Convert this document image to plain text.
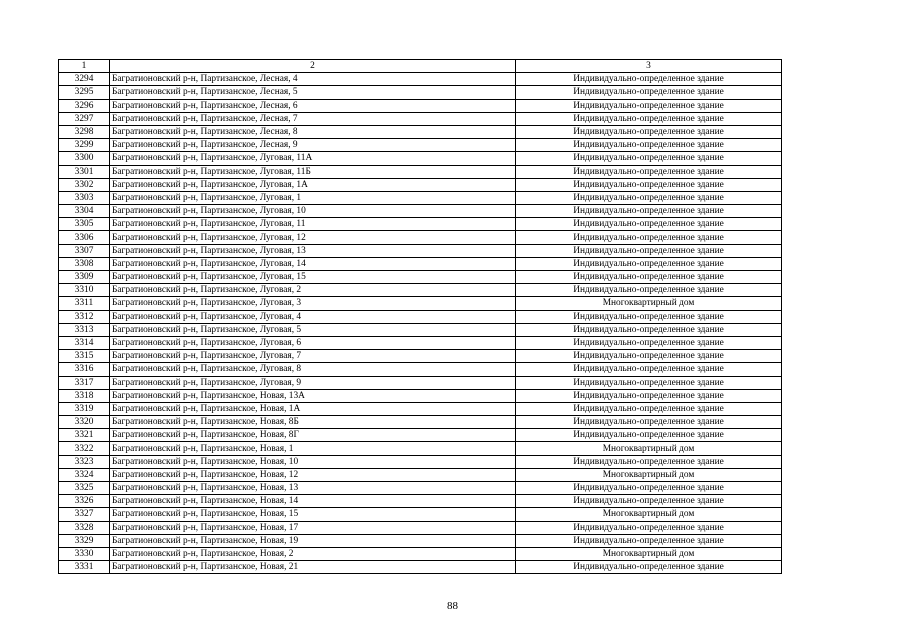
1	2	3
3294	Багратионовский р-н, Партизанское, Лесная, 4	Индивидуально-определенное здание
3295	Багратионовский р-н, Партизанское, Лесная, 5	Индивидуально-определенное здание
3296	Багратионовский р-н, Партизанское, Лесная, 6	Индивидуально-определенное здание
3297	Багратионовский р-н, Партизанское, Лесная, 7	Индивидуально-определенное здание
3298	Багратионовский р-н, Партизанское, Лесная, 8	Индивидуально-определенное здание
3299	Багратионовский р-н, Партизанское, Лесная, 9	Индивидуально-определенное здание
3300	Багратионовский р-н, Партизанское, Луговая, 11А	Индивидуально-определенное здание
3301	Багратионовский р-н, Партизанское, Луговая, 11Б	Индивидуально-определенное здание
3302	Багратионовский р-н, Партизанское, Луговая, 1А	Индивидуально-определенное здание
3303	Багратионовский р-н, Партизанское, Луговая, 1	Индивидуально-определенное здание
3304	Багратионовский р-н, Партизанское, Луговая, 10	Индивидуально-определенное здание
3305	Багратионовский р-н, Партизанское, Луговая, 11	Индивидуально-определенное здание
3306	Багратионовский р-н, Партизанское, Луговая, 12	Индивидуально-определенное здание
3307	Багратионовский р-н, Партизанское, Луговая, 13	Индивидуально-определенное здание
3308	Багратионовский р-н, Партизанское, Луговая, 14	Индивидуально-определенное здание
3309	Багратионовский р-н, Партизанское, Луговая, 15	Индивидуально-определенное здание
3310	Багратионовский р-н, Партизанское, Луговая, 2	Индивидуально-определенное здание
3311	Багратионовский р-н, Партизанское, Луговая, 3	Многоквартирный дом
3312	Багратионовский р-н, Партизанское, Луговая, 4	Индивидуально-определенное здание
3313	Багратионовский р-н, Партизанское, Луговая, 5	Индивидуально-определенное здание
3314	Багратионовский р-н, Партизанское, Луговая, 6	Индивидуально-определенное здание
3315	Багратионовский р-н, Партизанское, Луговая, 7	Индивидуально-определенное здание
3316	Багратионовский р-н, Партизанское, Луговая, 8	Индивидуально-определенное здание
3317	Багратионовский р-н, Партизанское, Луговая, 9	Индивидуально-определенное здание
3318	Багратионовский р-н, Партизанское, Новая, 13А	Индивидуально-определенное здание
3319	Багратионовский р-н, Партизанское, Новая, 1А	Индивидуально-определенное здание
3320	Багратионовский р-н, Партизанское, Новая, 8Б	Индивидуально-определенное здание
3321	Багратионовский р-н, Партизанское, Новая, 8Г	Индивидуально-определенное здание
3322	Багратионовский р-н, Партизанское, Новая, 1	Многоквартирный дом
3323	Багратионовский р-н, Партизанское, Новая, 10	Индивидуально-определенное здание
3324	Багратионовский р-н, Партизанское, Новая, 12	Многоквартирный дом
3325	Багратионовский р-н, Партизанское, Новая, 13	Индивидуально-определенное здание
3326	Багратионовский р-н, Партизанское, Новая, 14	Индивидуально-определенное здание
3327	Багратионовский р-н, Партизанское, Новая, 15	Многоквартирный дом
3328	Багратионовский р-н, Партизанское, Новая, 17	Индивидуально-определенное здание
3329	Багратионовский р-н, Партизанское, Новая, 19	Индивидуально-определенное здание
3330	Багратионовский р-н, Партизанское, Новая, 2	Многоквартирный дом
3331	Багратионовский р-н, Партизанское, Новая, 21	Индивидуально-определенное здание
88
